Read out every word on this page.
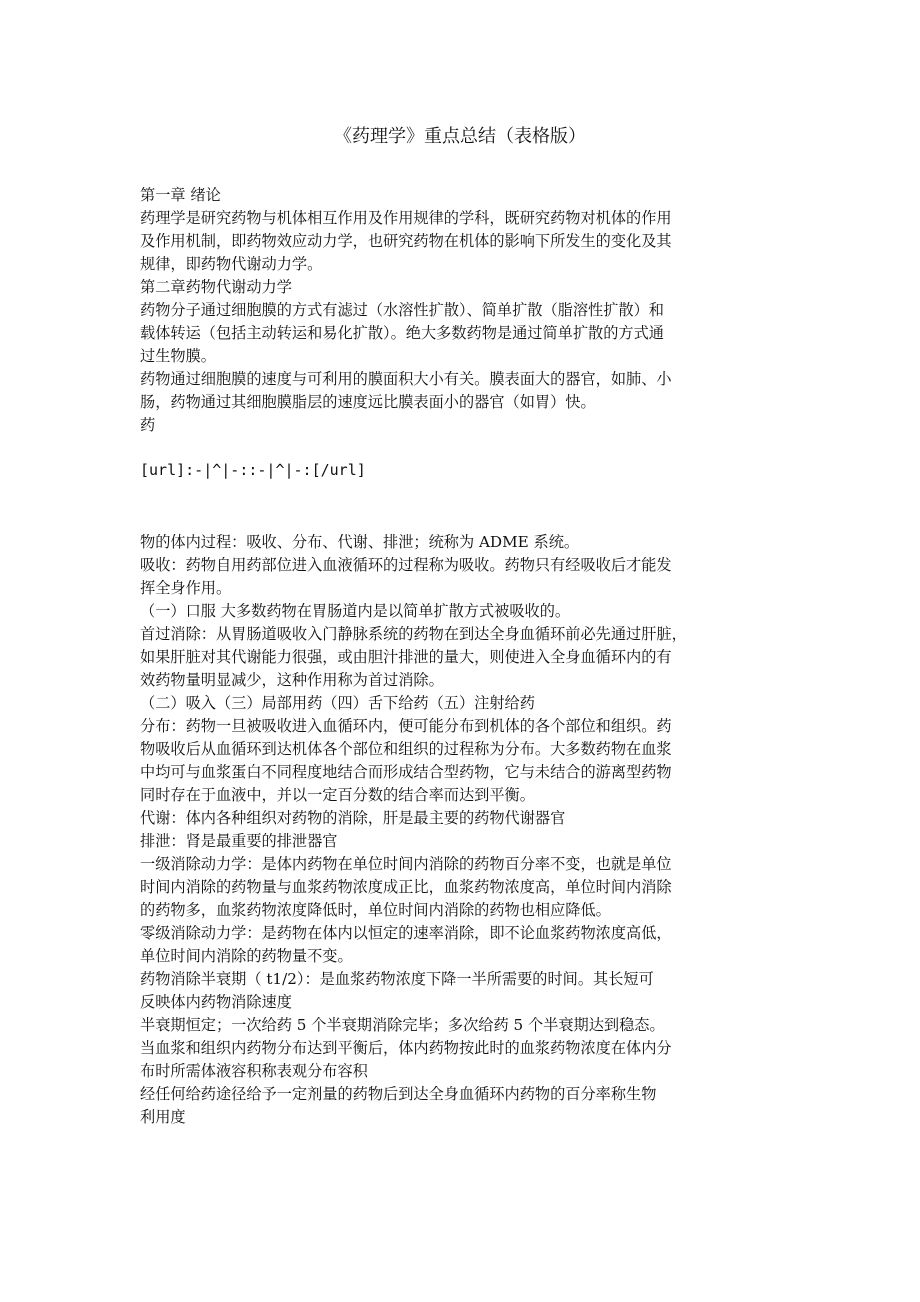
《药理学》重点总结（表格版）
第一章 绪论
药理学是研究药物与机体相互作用及作用规律的学科，既研究药物对机体的作用
及作用机制，即药物效应动力学，也研究药物在机体的影响下所发生的变化及其
规律，即药物代谢动力学。
第二章药物代谢动力学
药物分子通过细胞膜的方式有滤过（水溶性扩散）、简单扩散（脂溶性扩散）和
载体转运（包括主动转运和易化扩散）。绝大多数药物是通过简单扩散的方式通
过生物膜。
药物通过细胞膜的速度与可利用的膜面积大小有关。膜表面大的器官，如肺、小
肠，药物通过其细胞膜脂层的速度远比膜表面小的器官（如胃）快。
药
[url]:-|^|-::-|^|-:[/url]
物的体内过程：吸收、分布、代谢、排泄；统称为 ADME 系统。
吸收：药物自用药部位进入血液循环的过程称为吸收。药物只有经吸收后才能发
挥全身作用。
（一）口服 大多数药物在胃肠道内是以简单扩散方式被吸收的。
首过消除：从胃肠道吸收入门静脉系统的药物在到达全身血循环前必先通过肝脏，
如果肝脏对其代谢能力很强，或由胆汁排泄的量大，则使进入全身血循环内的有
效药物量明显减少，这种作用称为首过消除。
（二）吸入（三）局部用药（四）舌下给药（五）注射给药
分布：药物一旦被吸收进入血循环内，便可能分布到机体的各个部位和组织。药
物吸收后从血循环到达机体各个部位和组织的过程称为分布。大多数药物在血浆
中均可与血浆蛋白不同程度地结合而形成结合型药物，它与未结合的游离型药物
同时存在于血液中，并以一定百分数的结合率而达到平衡。
代谢：体内各种组织对药物的消除，肝是最主要的药物代谢器官
排泄：肾是最重要的排泄器官
一级消除动力学：是体内药物在单位时间内消除的药物百分率不变，也就是单位
时间内消除的药物量与血浆药物浓度成正比，血浆药物浓度高，单位时间内消除
的药物多，血浆药物浓度降低时，单位时间内消除的药物也相应降低。
零级消除动力学：是药物在体内以恒定的速率消除，即不论血浆药物浓度高低，
单位时间内消除的药物量不变。
药物消除半衰期（ t1/2）：是血浆药物浓度下降一半所需要的时间。其长短可
反映体内药物消除速度
半衰期恒定；一次给药 5 个半衰期消除完毕；多次给药 5 个半衰期达到稳态。
当血浆和组织内药物分布达到平衡后，体内药物按此时的血浆药物浓度在体内分
布时所需体液容积称表观分布容积
经任何给药途径给予一定剂量的药物后到达全身血循环内药物的百分率称生物
利用度
